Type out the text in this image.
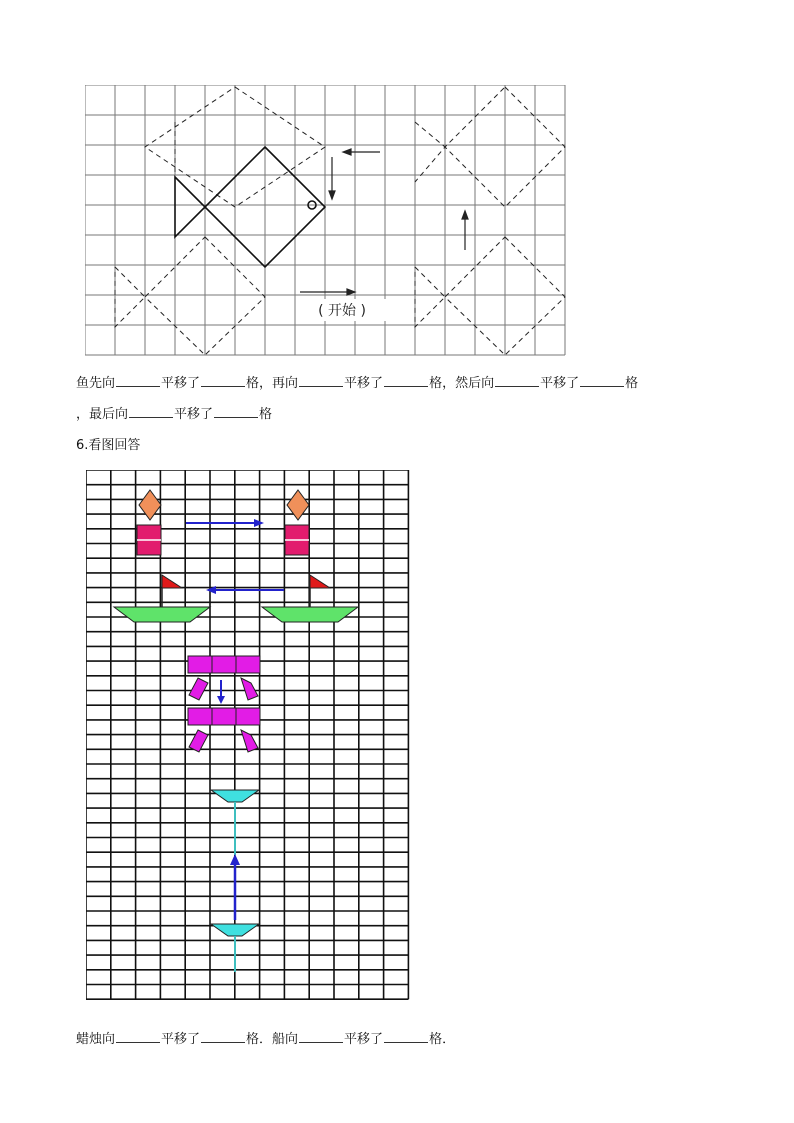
( 开始 )
鱼先向	平移了	格，再向	平移了	格，然后向	平移了	格
，最后向	平移了	格
6.看图回答
蜡烛向	平移了	格．船向	平移了	格．
